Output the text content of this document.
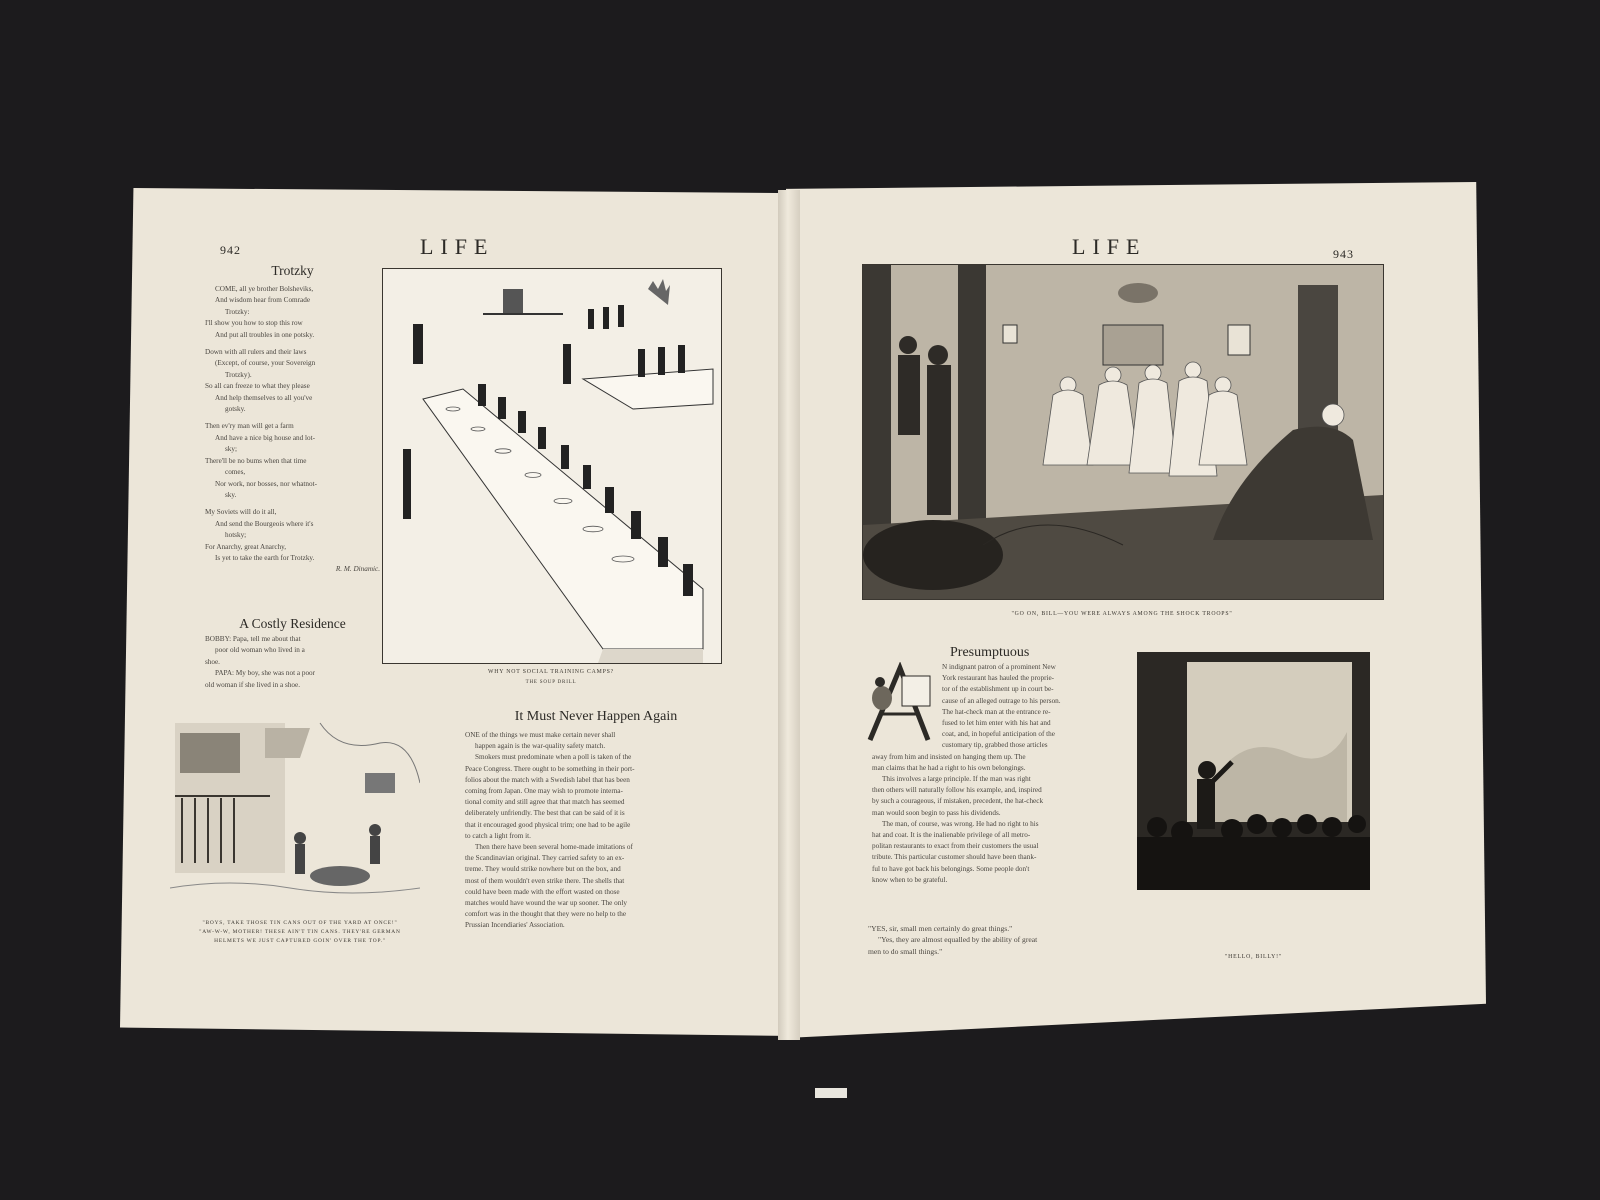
942	LIFE
Trotzky
COME, all ye brother Bolsheviks,
And wisdom hear from Comrade
Trotzky:
I'll show you how to stop this row
And put all troubles in one potsky.
Down with all rulers and their laws
(Except, of course, your Sovereign
Trotzky).
So all can freeze to what they please
And help themselves to all you've
gotsky.
Then ev'ry man will get a farm
And have a nice big house and lot-
sky;
There'll be no bums when that time
comes,
Nor work, nor bosses, nor whatnot-
sky.
My Soviets will do it all,
And send the Bourgeois where it's
hotsky;
For Anarchy, great Anarchy,
Is yet to take the earth for Trotzky.
R. M. Dinamic.
A Costly Residence
BOBBY: Papa, tell me about that
poor old woman who lived in a
shoe.
PAPA: My boy, she was not a poor
old woman if she lived in a shoe.
WHY NOT SOCIAL TRAINING CAMPS?
THE SOUP DRILL
"BOYS, TAKE THOSE TIN CANS OUT OF THE YARD AT ONCE!"
"AW-W-W, MOTHER! THESE AIN'T TIN CANS. THEY'RE GERMAN
HELMETS WE JUST CAPTURED GOIN' OVER THE TOP."
It Must Never Happen Again
ONE of the things we must make certain never shall
happen again is the war-quality safety match.
Smokers must predominate when a poll is taken of the
Peace Congress. There ought to be something in their port-
folios about the match with a Swedish label that has been
coming from Japan. One may wish to promote interna-
tional comity and still agree that that match has seemed
deliberately unfriendly. The best that can be said of it is
that it encouraged good physical trim; one had to be agile
to catch a light from it.
Then there have been several home-made imitations of
the Scandinavian original. They carried safety to an ex-
treme. They would strike nowhere but on the box, and
most of them wouldn't even strike there. The shells that
could have been made with the effort wasted on those
matches would have wound the war up sooner. The only
comfort was in the thought that they were no help to the
Prussian Incendiaries' Association.
LIFE	943
"GO ON, BILL—YOU WERE ALWAYS AMONG THE SHOCK TROOPS"
Presumptuous
N indignant patron of a prominent New
York restaurant has hauled the proprie-
tor of the establishment up in court be-
cause of an alleged outrage to his person.
The hat-check man at the entrance re-
fused to let him enter with his hat and
coat, and, in hopeful anticipation of the
customary tip, grabbed those articles
away from him and insisted on hanging them up. The
man claims that he had a right to his own belongings.
This involves a large principle. If the man was right
then others will naturally follow his example, and, inspired
by such a courageous, if mistaken, precedent, the hat-check
man would soon begin to pass his dividends.
The man, of course, was wrong. He had no right to his
hat and coat. It is the inalienable privilege of all metro-
politan restaurants to exact from their customers the usual
tribute. This particular customer should have been thank-
ful to have got back his belongings. Some people don't
know when to be grateful.
"YES, sir, small men certainly do great things."
"Yes, they are almost equalled by the ability of great
men to do small things."
"HELLO, BILLY!"
